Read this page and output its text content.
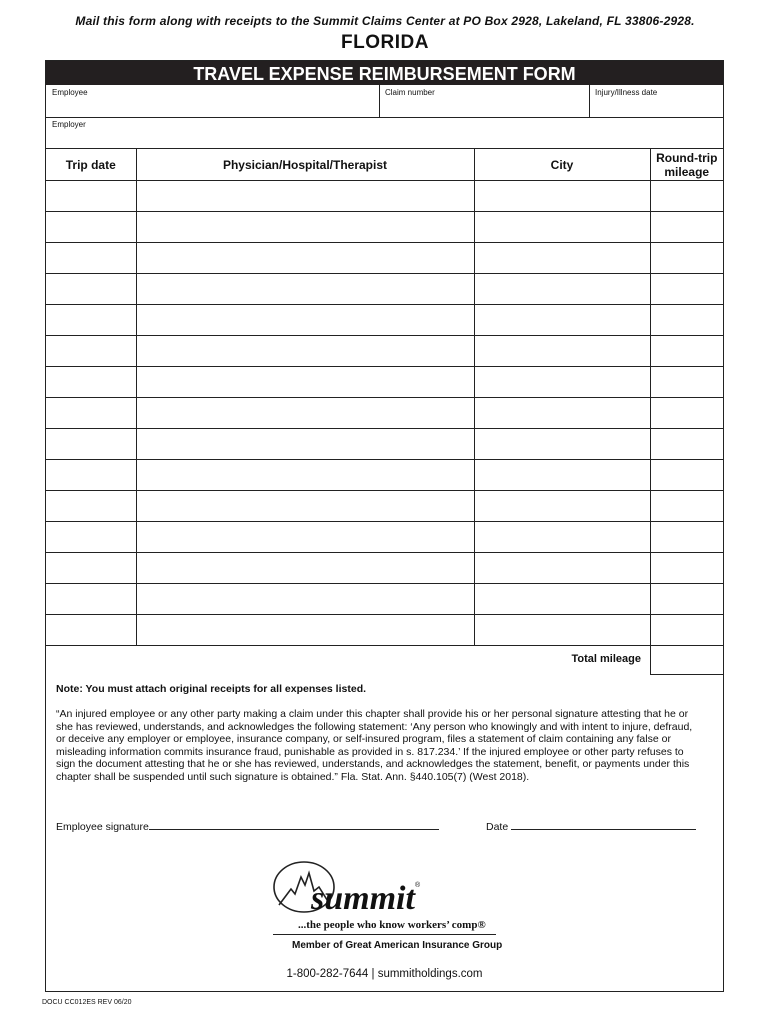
Mail this form along with receipts to the Summit Claims Center at PO Box 2928, Lakeland, FL 33806-2928.
FLORIDA
TRAVEL EXPENSE REIMBURSEMENT FORM
Employee	Claim number	Injury/Illness date
Employer
Trip date	Physician/Hospital/Therapist	City	Round-trip mileage

Total mileage
Note: You must attach original receipts for all expenses listed.
“An injured employee or any other party making a claim under this chapter shall provide his or her personal signature attesting that he or she has reviewed, understands, and acknowledges the following statement: ‘Any person who knowingly and with intent to injure, defraud, or deceive any employer or employee, insurance company, or self-insured program, files a statement of claim containing any false or misleading information commits insurance fraud, punishable as provided in s. 817.234.’ If the injured employee or other party refuses to sign the document attesting that he or she has reviewed, understands, and acknowledges the statement, benefit, or payments under this chapter shall be suspended until such signature is obtained.” Fla. Stat. Ann. §440.105(7) (West 2018).
Employee signature	Date
summit ®
...the people who know workers’ comp®
Member of Great American Insurance Group
1-800-282-7644 | summitholdings.com
DOCU CC012ES REV 06/20
